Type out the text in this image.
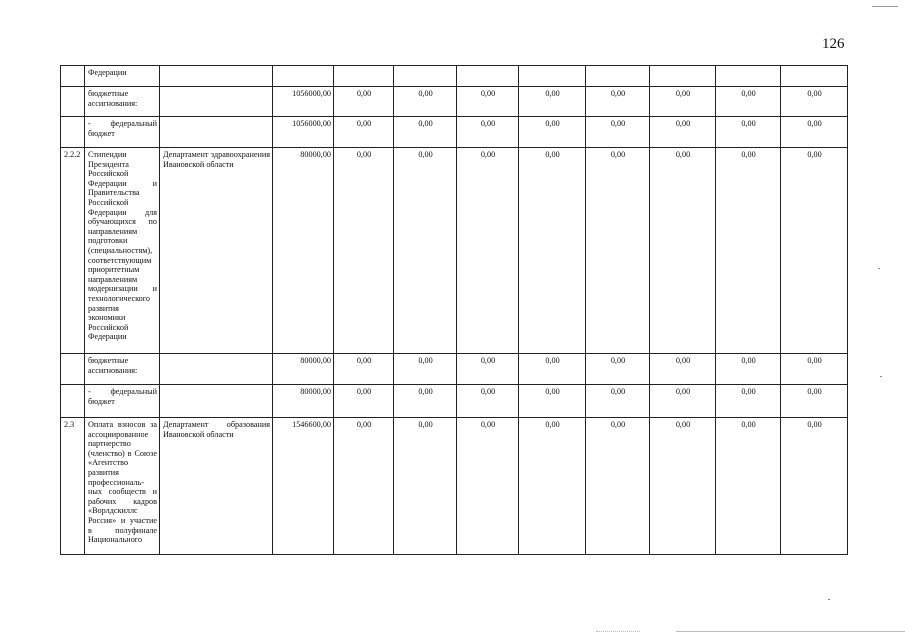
126
	Федерации										
	бюджетные ассигнования:		1056000,00	0,00	0,00	0,00	0,00	0,00	0,00	0,00	0,00
	- федеральный бюджет		1056000,00	0,00	0,00	0,00	0,00	0,00	0,00	0,00	0,00
2.2.2	Стипендии Президента Российской Федерации и Правительства Российской Федерации для обучающихся по направлениям подготовки (специальностям), соответствующим приоритетным направлениям модернизации и технологического развития экономики Российской Федерации	Департамент здравоохранения Ивановской области	80000,00	0,00	0,00	0,00	0,00	0,00	0,00	0,00	0,00
	бюджетные ассигнования:		80000,00	0,00	0,00	0,00	0,00	0,00	0,00	0,00	0,00
	- федеральный бюджет		80000,00	0,00	0,00	0,00	0,00	0,00	0,00	0,00	0,00
2.3	Оплата взносов за ассоциированное партнерство (членство) в Союзе «Агентство развития профессиональ-ных сообществ и рабочих кадров «Ворлдскиллс Россия» и участие в полуфинале Национального	Департамент образования Ивановской области	1546600,00	0,00	0,00	0,00	0,00	0,00	0,00	0,00	0,00
